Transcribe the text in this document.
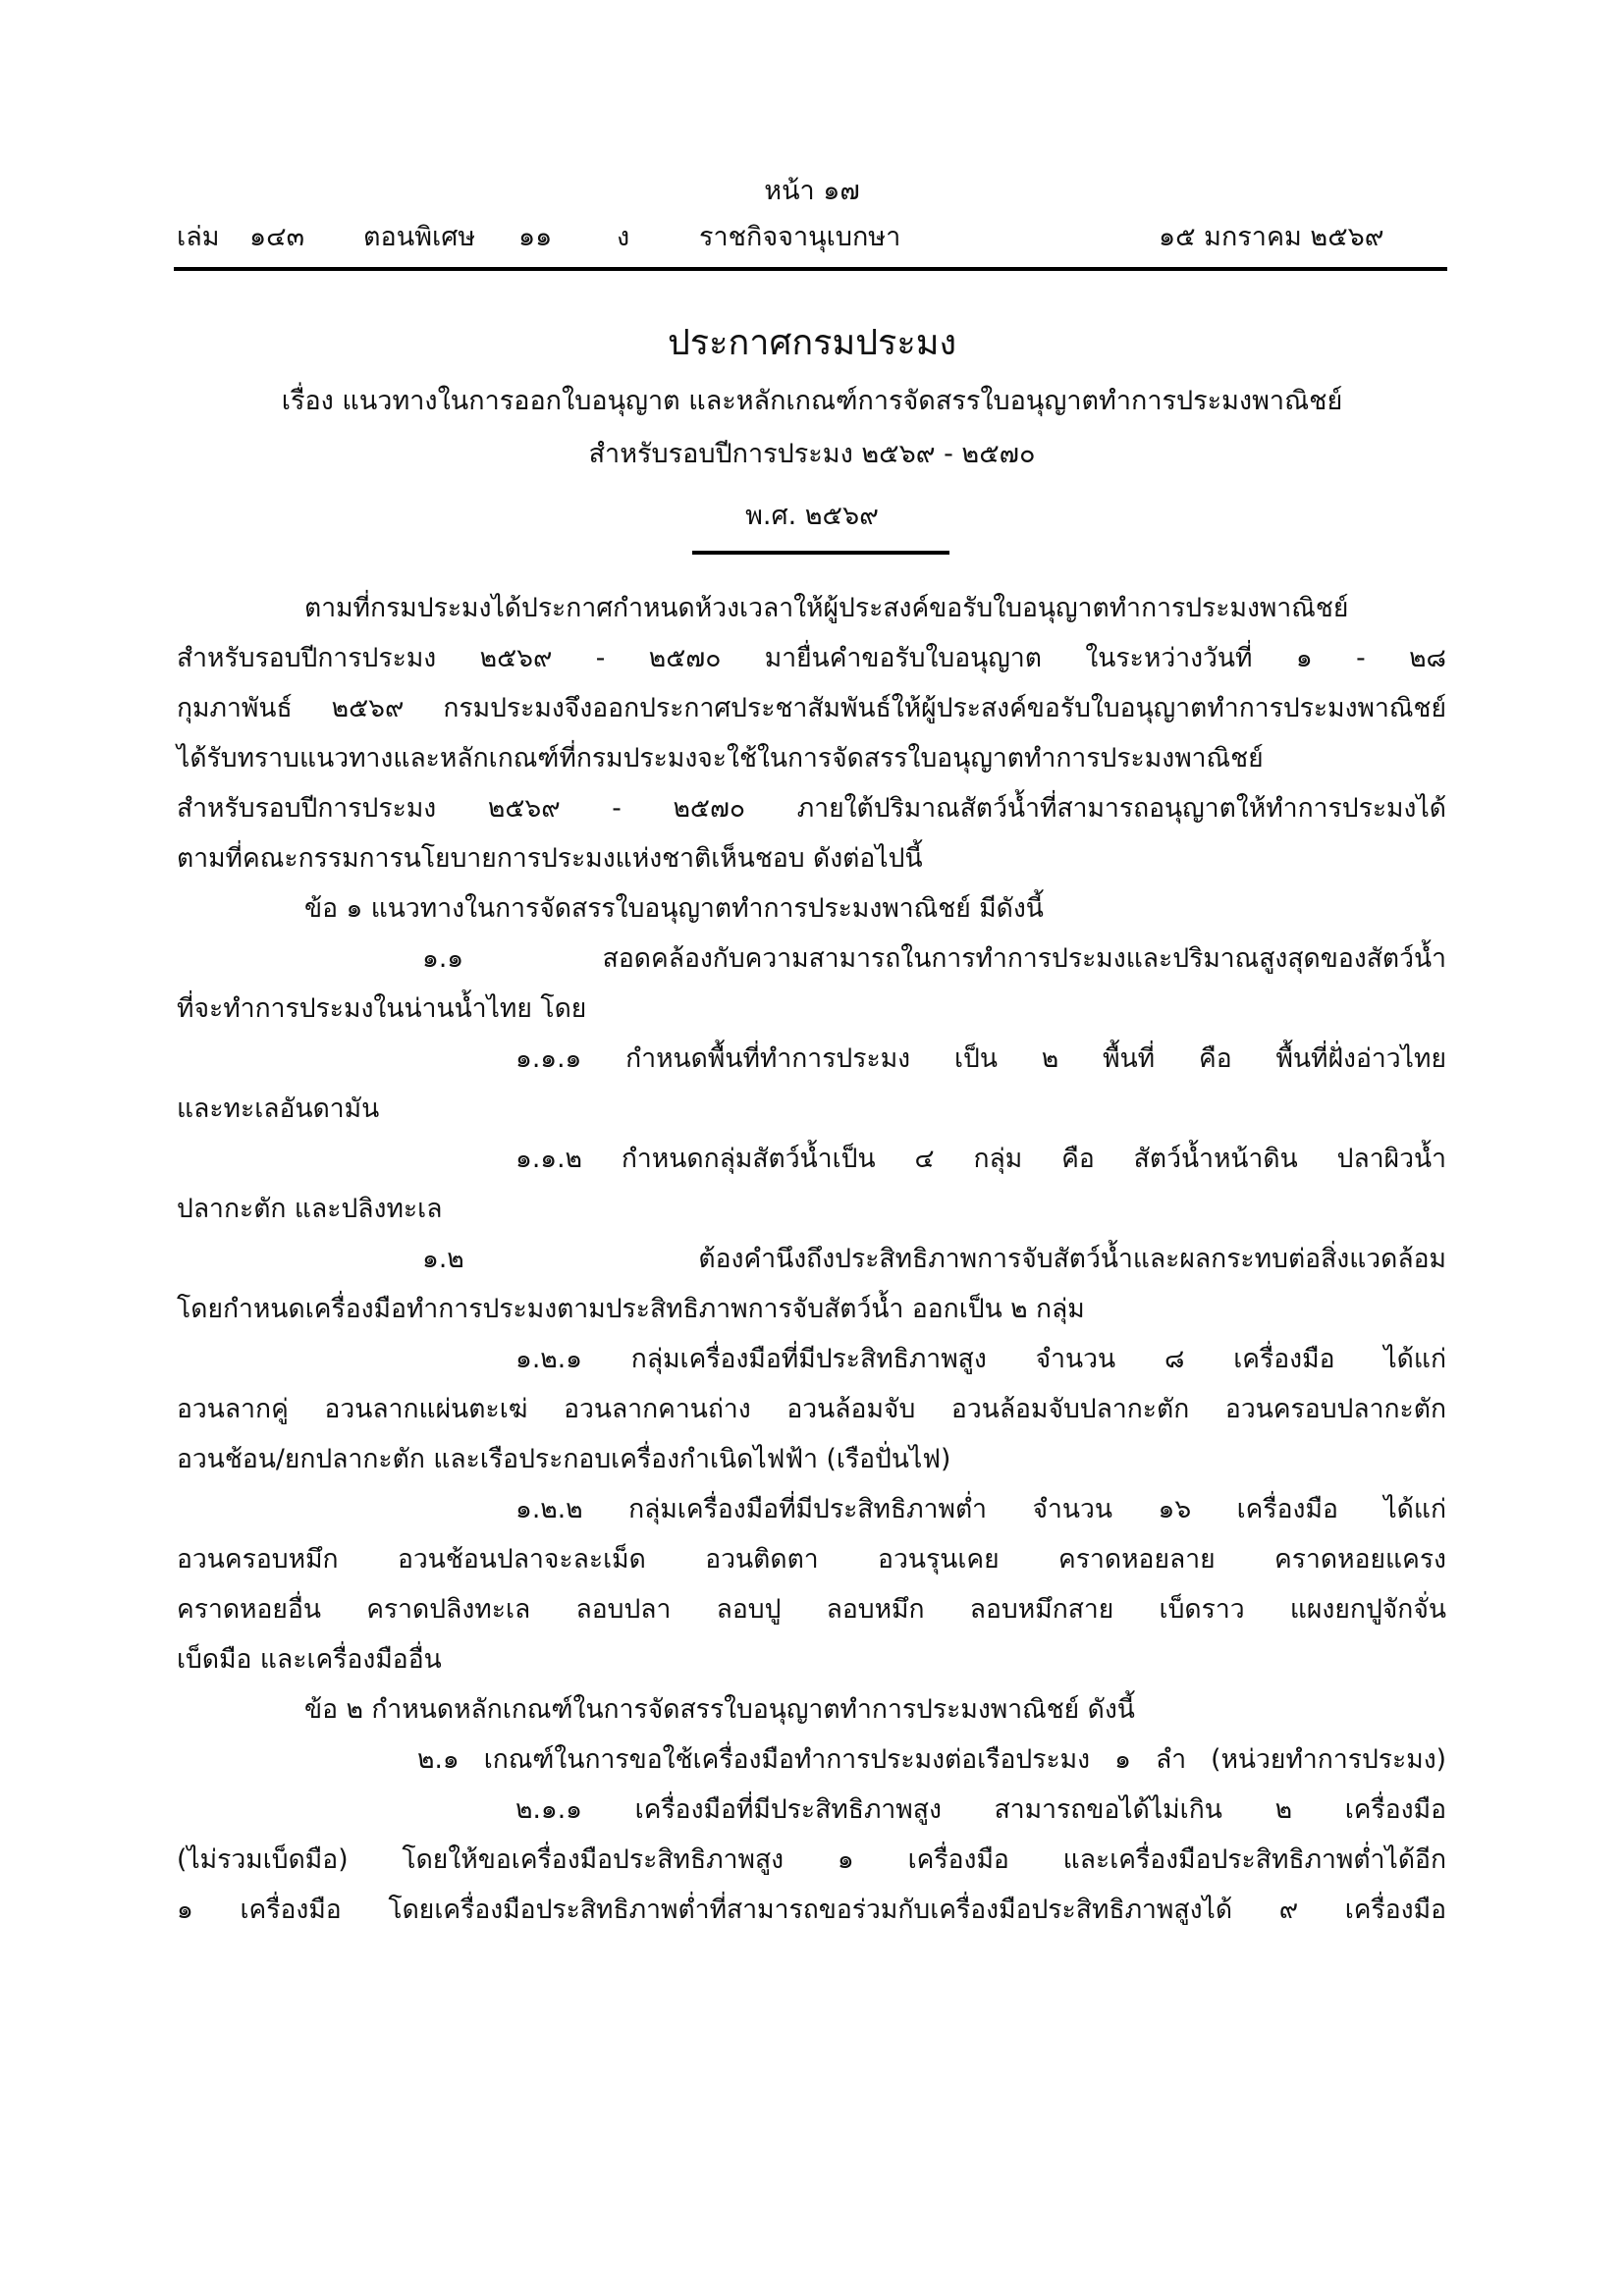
หน้า ๑๗
เล่ม ๑๔๓ ตอนพิเศษ ๑๑ ง	ราชกิจจานุเบกษา	๑๕ มกราคม ๒๕๖๙
ประกาศกรมประมง
เรื่อง แนวทางในการออกใบอนุญาต และหลักเกณฑ์การจัดสรรใบอนุญาตทำการประมงพาณิชย์
สำหรับรอบปีการประมง ๒๕๖๙ - ๒๕๗๐
พ.ศ. ๒๕๖๙
ตามที่กรมประมงได้ประกาศกำหนดห้วงเวลาให้ผู้ประสงค์ขอรับใบอนุญาตทำการประมงพาณิชย์
สำหรับรอบปีการประมง ๒๕๖๙ - ๒๕๗๐ มายื่นคำขอรับใบอนุญาต ในระหว่างวันที่ ๑ - ๒๘
กุมภาพันธ์ ๒๕๖๙ กรมประมงจึงออกประกาศประชาสัมพันธ์ให้ผู้ประสงค์ขอรับใบอนุญาตทำการประมงพาณิชย์
ได้รับทราบแนวทางและหลักเกณฑ์ที่กรมประมงจะใช้ในการจัดสรรใบอนุญาตทำการประมงพาณิชย์
สำหรับรอบปีการประมง ๒๕๖๙ - ๒๕๗๐ ภายใต้ปริมาณสัตว์น้ำที่สามารถอนุญาตให้ทำการประมงได้
ตามที่คณะกรรมการนโยบายการประมงแห่งชาติเห็นชอบ ดังต่อไปนี้
ข้อ ๑ แนวทางในการจัดสรรใบอนุญาตทำการประมงพาณิชย์ มีดังนี้
๑.๑ สอดคล้องกับความสามารถในการทำการประมงและปริมาณสูงสุดของสัตว์น้ำ
ที่จะทำการประมงในน่านน้ำไทย โดย
๑.๑.๑ กำหนดพื้นที่ทำการประมง เป็น ๒ พื้นที่ คือ พื้นที่ฝั่งอ่าวไทย
และทะเลอันดามัน
๑.๑.๒ กำหนดกลุ่มสัตว์น้ำเป็น ๔ กลุ่ม คือ สัตว์น้ำหน้าดิน ปลาผิวน้ำ
ปลากะตัก และปลิงทะเล
๑.๒ ต้องคำนึงถึงประสิทธิภาพการจับสัตว์น้ำและผลกระทบต่อสิ่งแวดล้อม
โดยกำหนดเครื่องมือทำการประมงตามประสิทธิภาพการจับสัตว์น้ำ ออกเป็น ๒ กลุ่ม
๑.๒.๑ กลุ่มเครื่องมือที่มีประสิทธิภาพสูง จำนวน ๘ เครื่องมือ ได้แก่
อวนลากคู่ อวนลากแผ่นตะเฆ่ อวนลากคานถ่าง อวนล้อมจับ อวนล้อมจับปลากะตัก อวนครอบปลากะตัก
อวนช้อน/ยกปลากะตัก และเรือประกอบเครื่องกำเนิดไฟฟ้า (เรือปั่นไฟ)
๑.๒.๒ กลุ่มเครื่องมือที่มีประสิทธิภาพต่ำ จำนวน ๑๖ เครื่องมือ ได้แก่
อวนครอบหมึก อวนช้อนปลาจะละเม็ด อวนติดตา อวนรุนเคย คราดหอยลาย คราดหอยแครง
คราดหอยอื่น คราดปลิงทะเล ลอบปลา ลอบปู ลอบหมึก ลอบหมึกสาย เบ็ดราว แผงยกปูจักจั่น
เบ็ดมือ และเครื่องมืออื่น
ข้อ ๒ กำหนดหลักเกณฑ์ในการจัดสรรใบอนุญาตทำการประมงพาณิชย์ ดังนี้
๒.๑ เกณฑ์ในการขอใช้เครื่องมือทำการประมงต่อเรือประมง ๑ ลำ (หน่วยทำการประมง)
๒.๑.๑ เครื่องมือที่มีประสิทธิภาพสูง สามารถขอได้ไม่เกิน ๒ เครื่องมือ
(ไม่รวมเบ็ดมือ) โดยให้ขอเครื่องมือประสิทธิภาพสูง ๑ เครื่องมือ และเครื่องมือประสิทธิภาพต่ำได้อีก
๑ เครื่องมือ โดยเครื่องมือประสิทธิภาพต่ำที่สามารถขอร่วมกับเครื่องมือประสิทธิภาพสูงได้ ๙ เครื่องมือ
